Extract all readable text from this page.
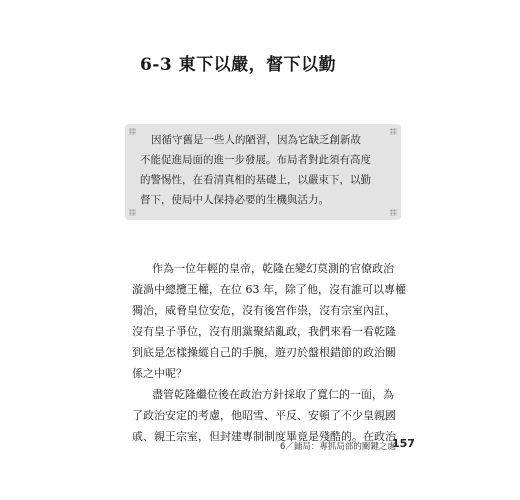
6-3 東下以嚴，督下以勤
因循守舊是一些人的陋習，因為它缺乏創新故
不能促進局面的進一步發展。布局者對此須有高度
的警惕性，在看清真相的基礎上，以嚴束下，以勤
督下，使局中人保持必要的生機與活力。
作為一位年輕的皇帝，乾隆在變幻莫測的官僚政治
漩渦中總攬王權，在位 63 年，除了他，沒有誰可以專權
獨治，威脅皇位安危，沒有後宮作祟，沒有宗室內訌，
沒有皇子爭位，沒有朋黨聚結亂政，我們來看一看乾隆
到底是怎樣操縱自己的手腕，遊刃於盤根錯節的政治關
係之中呢？
盡管乾隆繼位後在政治方針採取了寬仁的一面，為
了政治安定的考慮，他昭雪、平反、安頓了不少皇親國
戚、親王宗室，但封建專制制度畢竟是殘酷的。在政治
6／鋪局：專抓局部的關鍵之處
157
